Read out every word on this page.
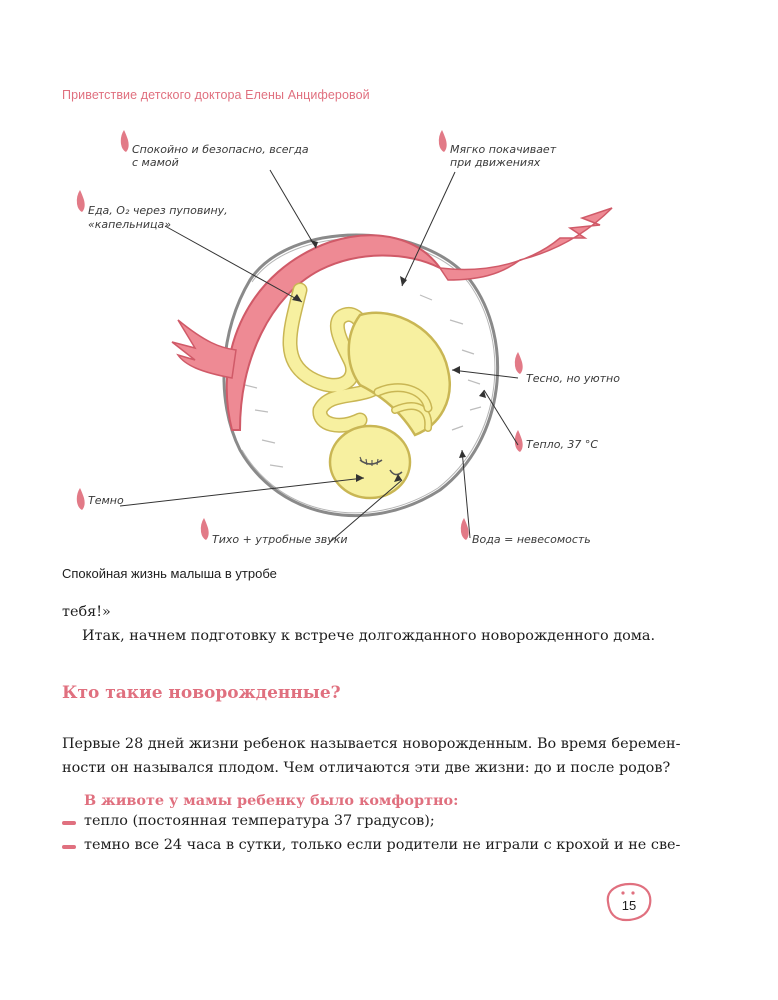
Приветствие детского доктора Елены Анциферовой
Спокойно и безопасно, всегда
с мамой
Мягко покачивает
при движениях
Еда, O₂ через пуповину,
«капельница»
Тесно, но уютно
Тепло, 37 °С
Темно
Тихо + утробные звуки	Вода = невесомость
Спокойная жизнь малыша в утробе
тебя!»
Итак, начнем подготовку к встрече долгожданного новорожденного дома.
Кто такие новорожденные?
Первые 28 дней жизни ребенок называется новорожденным. Во время беремен-
ности он назывался плодом. Чем отличаются эти две жизни: до и после родов?
В животе у мамы ребенку было комфортно:
тепло (постоянная температура 37 градусов);
темно все 24 часа в сутки, только если родители не играли с крохой и не све-
15
